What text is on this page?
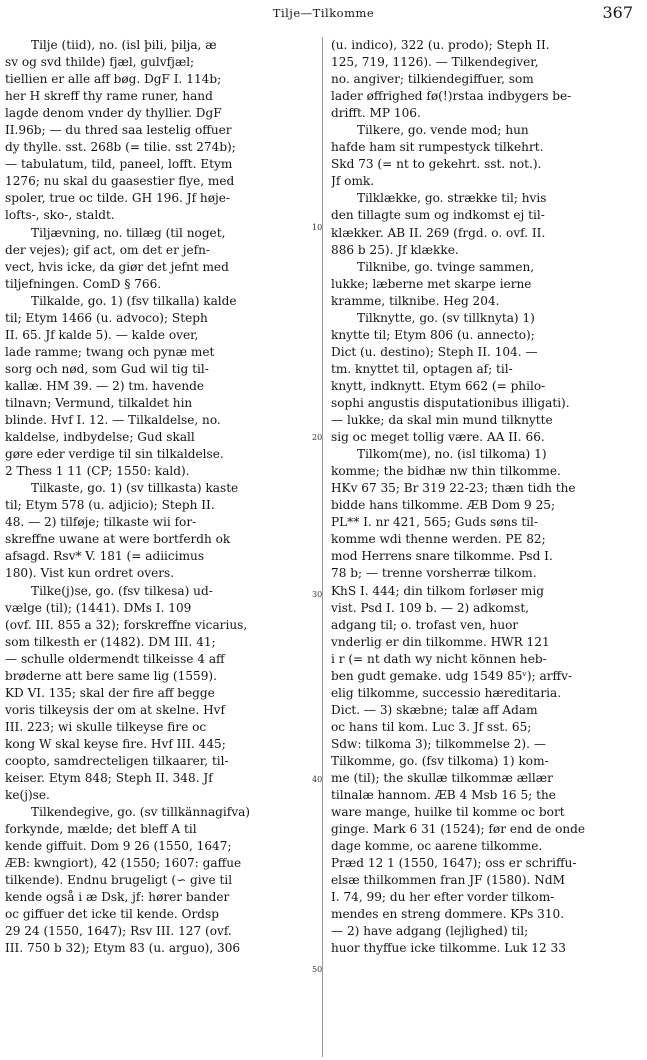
Tilje—Tilkomme	367
Tilje (tiid), no. (isl þili, þilja, æ
sv og svd thilde) fjæl, gulvfjæl;
tiellien er alle aff bøg. DgF I. 114b;
her H skreff thy rame runer, hand
lagde denom vnder dy thyllier. DgF
II.96b; — du thred saa lestelig offuer
dy thylle. sst. 268b (= tilie. sst 274b);
— tabulatum, tild, paneel, lofft. Etym
1276; nu skal du gaasestier flye, med
spoler, true oc tilde. GH 196. Jf høje-
lofts-, sko-, staldt.
Tiljævning, no. tillæg (til noget,
der vejes); gif act, om det er jefn-
vect, hvis icke, da giør det jefnt med
tiljefningen. ComD § 766.
Tilkalde, go. 1) (fsv tilkalla) kalde
til; Etym 1466 (u. advoco); Steph
II. 65. Jf kalde 5). — kalde over,
lade ramme; twang och pynæ met
sorg och nød, som Gud wil tig til-
kallæ. HM 39. — 2) tm. havende
tilnavn; Vermund, tilkaldet hin
blinde. Hvf I. 12. — Tilkaldelse, no.
kaldelse, indbydelse; Gud skall
gøre eder verdige til sin tilkaldelse.
2 Thess 1 11 (CP; 1550: kald).
Tilkaste, go. 1) (sv tillkasta) kaste
til; Etym 578 (u. adjicio); Steph II.
48. — 2) tilføje; tilkaste wii for-
skreffne uwane at were bortferdh ok
afsagd. Rsv* V. 181 (= adiicimus
180). Vist kun ordret overs.
Tilke(j)se, go. (fsv tilkesa) ud-
vælge (til); (1441). DMs I. 109
(ovf. III. 855 a 32); forskreffne vicarius,
som tilkesth er (1482). DM III. 41;
— schulle oldermendt tilkeisse 4 aff
brøderne att bere same lig (1559).
KD VI. 135; skal der fire aff begge
voris tilkeysis der om at skelne. Hvf
III. 223; wi skulle tilkeyse fire oc
kong W skal keyse fire. Hvf III. 445;
coopto, samdrecteligen tilkaarer, til-
keiser. Etym 848; Steph II. 348. Jf
ke(j)se.
Tilkendegive, go. (sv tillkännagifva)
forkynde, mælde; det bleff A til
kende giffuit. Dom 9 26 (1550, 1647;
ÆB: kwngiort), 42 (1550; 1607: gaffue
tilkende). Endnu brugeligt (∽ give til
kende også i æ Dsk, jf: hører bander
oc giffuer det icke til kende. Ordsp
29 24 (1550, 1647); Rsv III. 127 (ovf.
III. 750 b 32); Etym 83 (u. arguo), 306
(u. indico), 322 (u. prodo); Steph II.
125, 719, 1126). — Tilkendegiver,
no. angiver; tilkiendegiffuer, som
lader øffrighed fø(!)rstaa indbygers be-
drifft. MP 106.
Tilkere, go. vende mod; hun
hafde ham sit rumpestyck tilkehrt.
Skd 73 (= nt to gekehrt. sst. not.).
Jf omk.
Tilklække, go. strække til; hvis
den tillagte sum og indkomst ej til-
klækker. AB II. 269 (frgd. o. ovf. II.
886 b 25). Jf klække.
Tilknibe, go. tvinge sammen,
lukke; læberne met skarpe ierne
kramme, tilknibe. Heg 204.
Tilknytte, go. (sv tillknyta) 1)
knytte til; Etym 806 (u. annecto);
Dict (u. destino); Steph II. 104. —
tm. knyttet til, optagen af; til-
knytt, indknytt. Etym 662 (= philo-
sophi angustis disputationibus illigati).
— lukke; da skal min mund tilknytte
sig oc meget tollig være. AA II. 66.
Tilkom(me), no. (isl tilkoma) 1)
komme; the bidhæ nw thin tilkomme.
HKv 67 35; Br 319 22-23; thæn tidh the
bidde hans tilkomme. ÆB Dom 9 25;
PL** I. nr 421, 565; Guds søns til-
komme wdi thenne werden. PE 82;
mod Herrens snare tilkomme. Psd I.
78 b; — trenne vorsherræ tilkom.
KhS I. 444; din tilkom forløser mig
vist. Psd I. 109 b. — 2) adkomst,
adgang til; o. trofast ven, huor
vnderlig er din tilkomme. HWR 121
i r (= nt dath wy nicht können heb-
ben gudt gemake. udg 1549 85ᵛ); arffv-
elig tilkomme, successio hæreditaria.
Dict. — 3) skæbne; talæ aff Adam
oc hans til kom. Luc 3. Jf sst. 65;
Sdw: tilkoma 3); tilkommelse 2). —
Tilkomme, go. (fsv tilkoma) 1) kom-
me (til); the skullæ tilkommæ ællær
tilnalæ hannom. ÆB 4 Msb 16 5; the
ware mange, huilke til komme oc bort
ginge. Mark 6 31 (1524); før end de onde
dage komme, oc aarene tilkomme.
Præd 12 1 (1550, 1647); oss er schriffu-
elsæ thilkommen fran JF (1580). NdM
I. 74, 99; du her efter vorder tilkom-
mendes en streng dommere. KPs 310.
— 2) have adgang (lejlighed) til;
huor thyffue icke tilkomme. Luk 12 33
10
20
30
40
50
